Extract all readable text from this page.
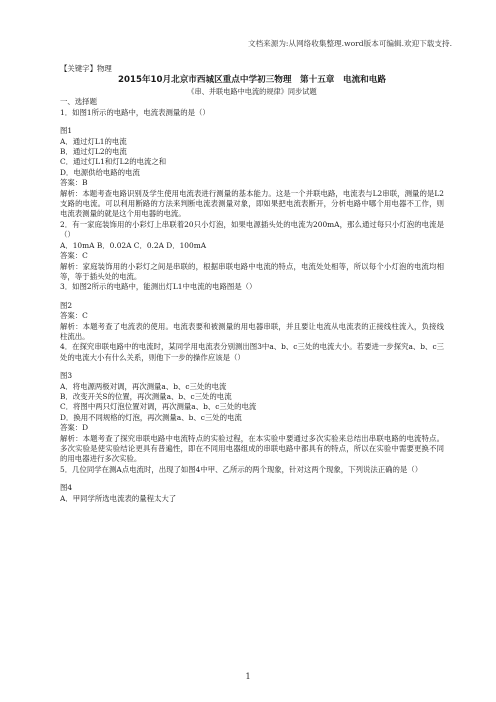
文档来源为:从网络收集整理.word版本可编辑.欢迎下载支持.
【关键字】物理
2015年10月北京市西城区重点中学初三物理　第十五章　电流和电路
《串、并联电路中电流的规律》同步试题
一、选择题
1．如图1所示的电路中，电流表测量的是（）
图1
A．通过灯L1的电流
B．通过灯L2的电流
C．通过灯L1和灯L2的电流之和
D．电源供给电路的电流
答案：B
解析：本题考查电路识别及学生使用电流表进行测量的基本能力。这是一个并联电路，电流表与L2串联，测量的是L2支路的电流。可以利用断路的方法来判断电流表测量对象，即如果把电流表断开，分析电路中哪个用电器不工作，则电流表测量的就是这个用电器的电流。
2．有一家庭装饰用的小彩灯上串联着20只小灯泡，如果电源插头处的电流为200mA，那么通过每只小灯泡的电流是（）
A．10mA B．0.02A C．0.2A D．100mA
答案：C
解析：家庭装饰用的小彩灯之间是串联的，根据串联电路中电流的特点，电流处处相等，所以每个小灯泡的电流均相等，等于插头处的电流。
3．如图2所示的电路中，能测出灯L1中电流的电路图是（）
图2
答案：C
解析：本题考查了电流表的使用。电流表要和被测量的用电器串联，并且要让电流从电流表的正接线柱流入，负接线柱流出。
4．在探究串联电路中的电流时，某同学用电流表分别测出图3中a、b、c三处的电流大小。若要进一步探究a、b、c三处的电流大小有什么关系，则他下一步的操作应该是（）
图3
A．将电源两极对调，再次测量a、b、c三处的电流
B．改变开关S的位置，再次测量a、b、c三处的电流
C．将图中两只灯泡位置对调，再次测量a、b、c三处的电流
D．换用不同规格的灯泡，再次测量a、b、c三处的电流
答案：D
解析：本题考查了探究串联电路中电流特点的实验过程，在本实验中要通过多次实验来总结出串联电路的电流特点。多次实验是使实验结论更具有普遍性，即在不同用电器组成的串联电路中都具有的特点，所以在实验中需要更换不同的用电器进行多次实验。
5．几位同学在测A点电流时，出现了如图4中甲、乙所示的两个现象，针对这两个现象，下列说法正确的是（）
图4
A．甲同学所选电流表的量程太大了
1
